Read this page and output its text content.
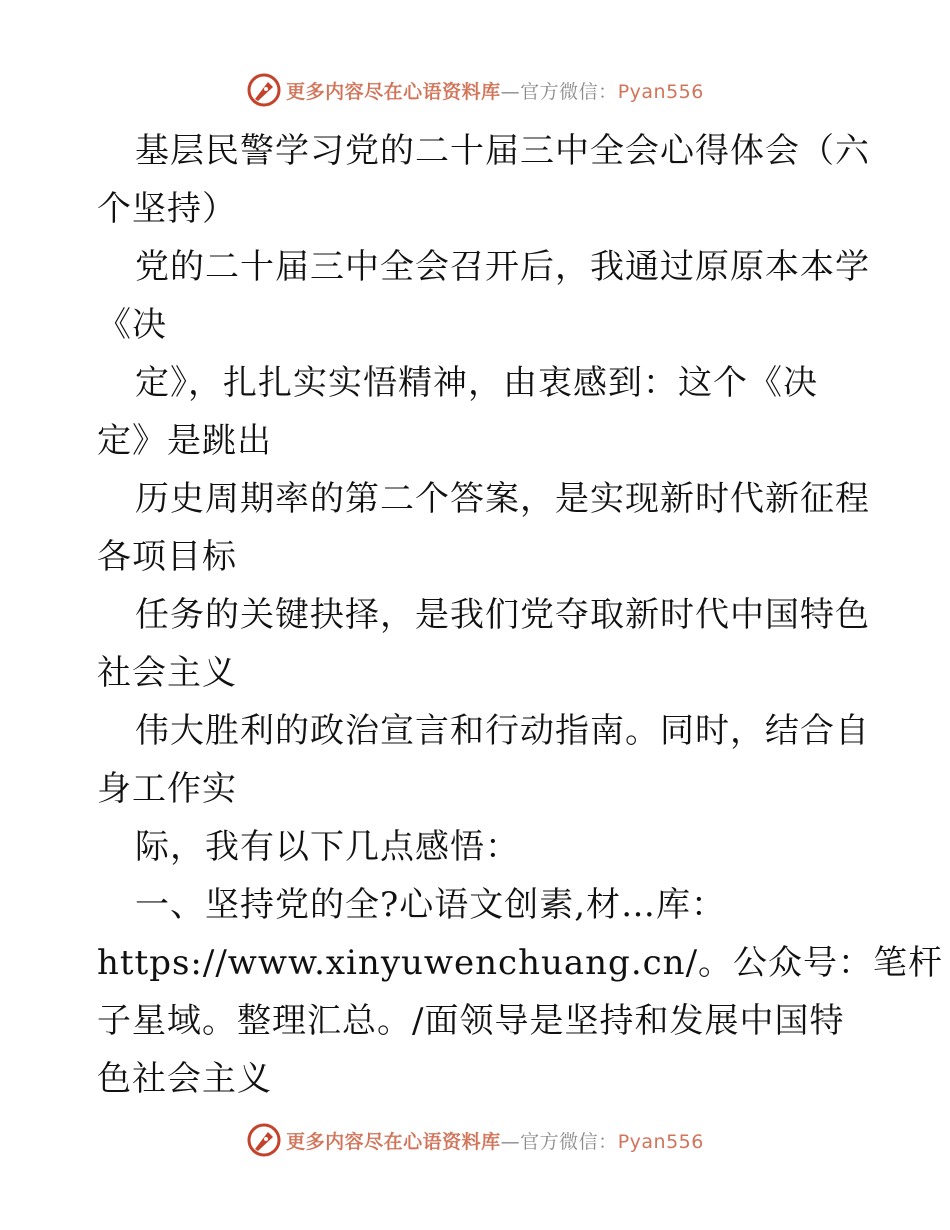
更多内容尽在心语资料库—官方微信：Pyan556
基层民警学习党的二十届三中全会心得体会（六
个坚持）
党的二十届三中全会召开后，我通过原原本本学
《决
定》，扎扎实实悟精神，由衷感到：这个《决
定》是跳出
历史周期率的第二个答案，是实现新时代新征程
各项目标
任务的关键抉择，是我们党夺取新时代中国特色
社会主义
伟大胜利的政治宣言和行动指南。同时，结合自
身工作实
际，我有以下几点感悟：
一、坚持党的全?心语文创素,材…库：
https://www.xinyuwenchuang.cn/。公众号：笔杆
子星域。整理汇总。/面领导是坚持和发展中国特
色社会主义
更多内容尽在心语资料库—官方微信：Pyan556
